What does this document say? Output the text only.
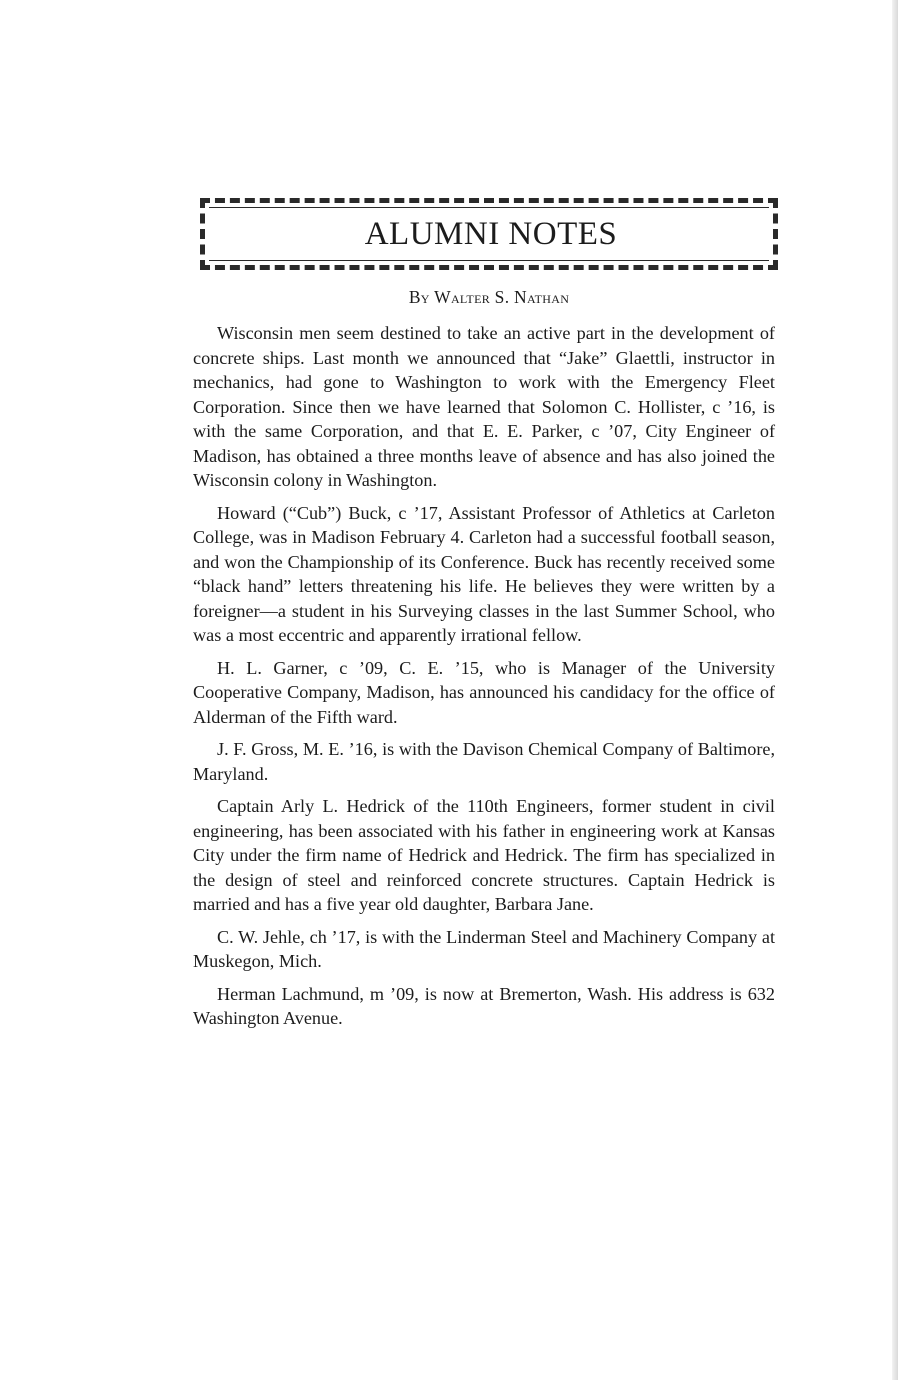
ALUMNI NOTES
By Walter S. Nathan

Wisconsin men seem destined to take an active part in the development of concrete ships. Last month we announced that “Jake” Glaettli, instructor in mechanics, had gone to Washington to work with the Emergency Fleet Corporation. Since then we have learned that Solomon C. Hollister, c ’16, is with the same Corporation, and that E. E. Parker, c ’07, City Engineer of Madison, has obtained a three months leave of absence and has also joined the Wisconsin colony in Washington.

Howard (“Cub”) Buck, c ’17, Assistant Professor of Athletics at Carleton College, was in Madison February 4. Carleton had a successful football season, and won the Championship of its Conference. Buck has recently received some “black hand” letters threatening his life. He believes they were written by a foreigner—a student in his Surveying classes in the last Summer School, who was a most eccentric and apparently irrational fellow.

H. L. Garner, c ’09, C. E. ’15, who is Manager of the University Cooperative Company, Madison, has announced his candidacy for the office of Alderman of the Fifth ward.

J. F. Gross, M. E. ’16, is with the Davison Chemical Company of Baltimore, Maryland.

Captain Arly L. Hedrick of the 110th Engineers, former student in civil engineering, has been associated with his father in engineering work at Kansas City under the firm name of Hedrick and Hedrick. The firm has specialized in the design of steel and reinforced concrete structures. Captain Hedrick is married and has a five year old daughter, Barbara Jane.

C. W. Jehle, ch ’17, is with the Linderman Steel and Machinery Company at Muskegon, Mich.

Herman Lachmund, m ’09, is now at Bremerton, Wash. His address is 632 Washington Avenue.
